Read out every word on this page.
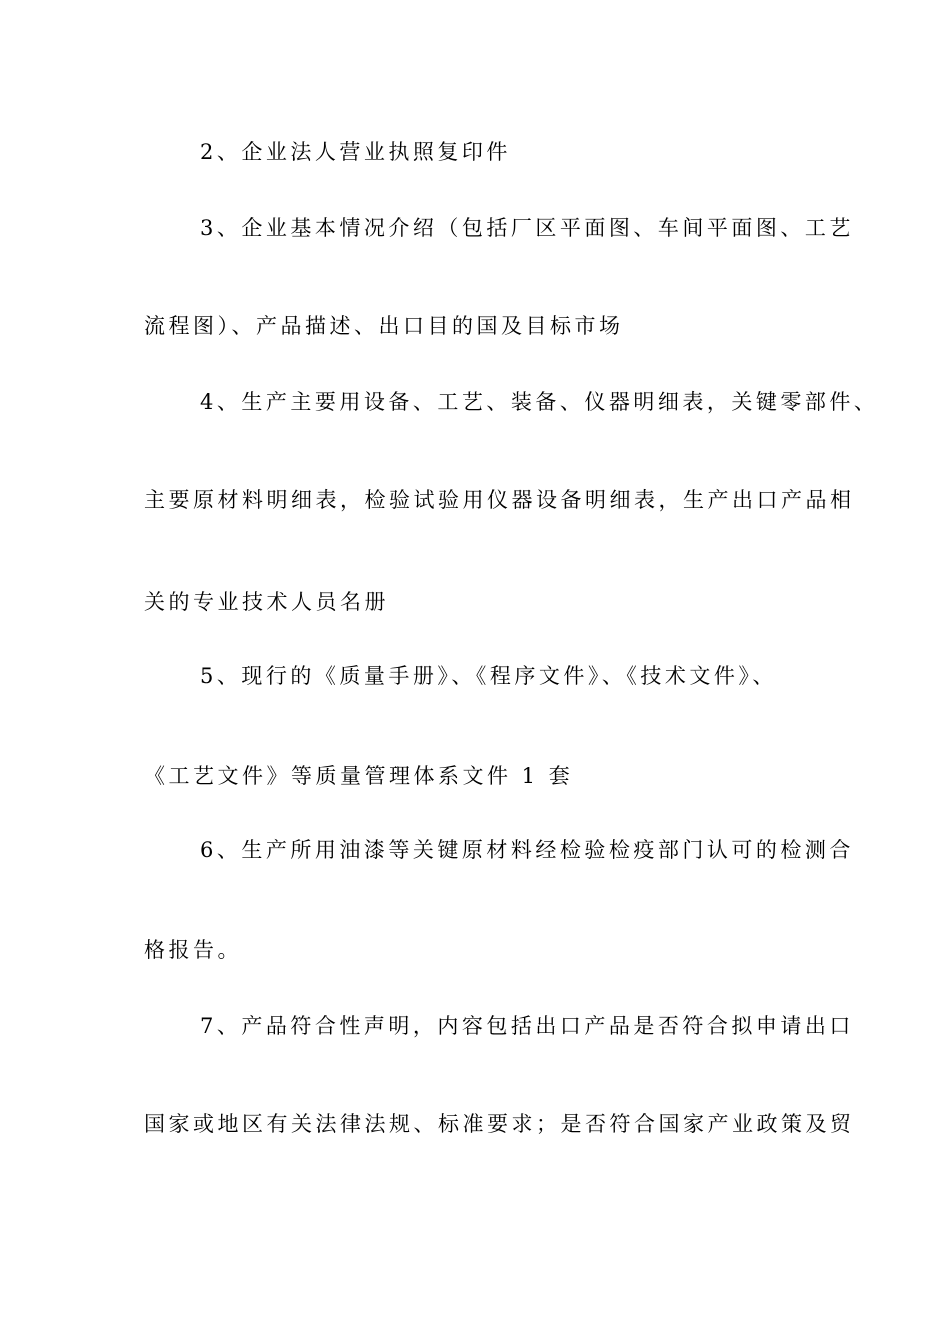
2、企业法人营业执照复印件
3、企业基本情况介绍（包括厂区平面图、车间平面图、工艺
流程图）、产品描述、出口目的国及目标市场
4、生产主要用设备、工艺、装备、仪器明细表，关键零部件、
主要原材料明细表，检验试验用仪器设备明细表，生产出口产品相
关的专业技术人员名册
5、现行的《质量手册》、《程序文件》、《技术文件》、
《工艺文件》等质量管理体系文件 1 套
6、生产所用油漆等关键原材料经检验检疫部门认可的检测合
格报告。
7、产品符合性声明，内容包括出口产品是否符合拟申请出口
国家或地区有关法律法规、标准要求；是否符合国家产业政策及贸
